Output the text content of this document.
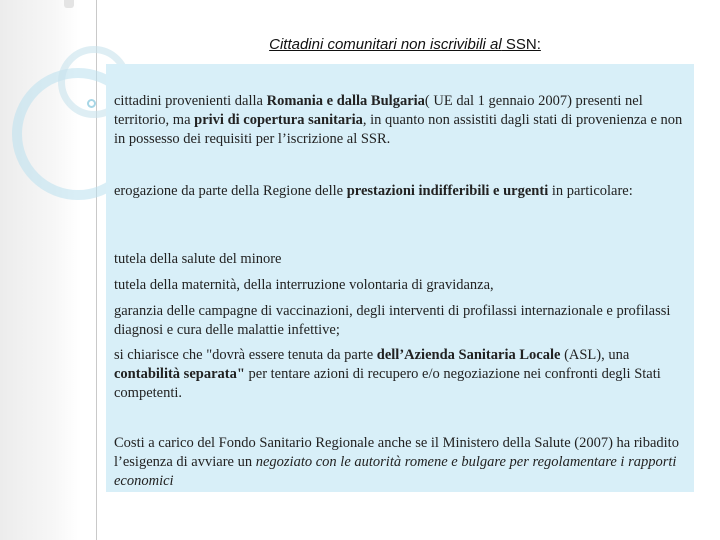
Cittadini comunitari non iscrivibili al SSN:

cittadini provenienti dalla Romania e dalla Bulgaria( UE dal 1 gennaio 2007) presenti nel territorio, ma privi di copertura sanitaria, in quanto non assistiti dagli stati di provenienza e non in possesso dei requisiti per l’iscrizione al SSR.

erogazione da parte della Regione delle prestazioni indifferibili e urgenti in particolare:

tutela della salute del minore

tutela della maternità, della interruzione volontaria di gravidanza,

garanzia delle campagne di vaccinazioni, degli interventi di profilassi internazionale e profilassi diagnosi e cura delle malattie infettive;

si chiarisce che "dovrà essere tenuta da parte dell’Azienda Sanitaria Locale (ASL), una contabilità separata" per tentare azioni di recupero e/o negoziazione nei confronti degli Stati competenti.

Costi a carico del Fondo Sanitario Regionale anche se il Ministero della Salute (2007) ha ribadito l’esigenza di avviare un negoziato con le autorità romene e bulgare per regolamentare i rapporti economici
